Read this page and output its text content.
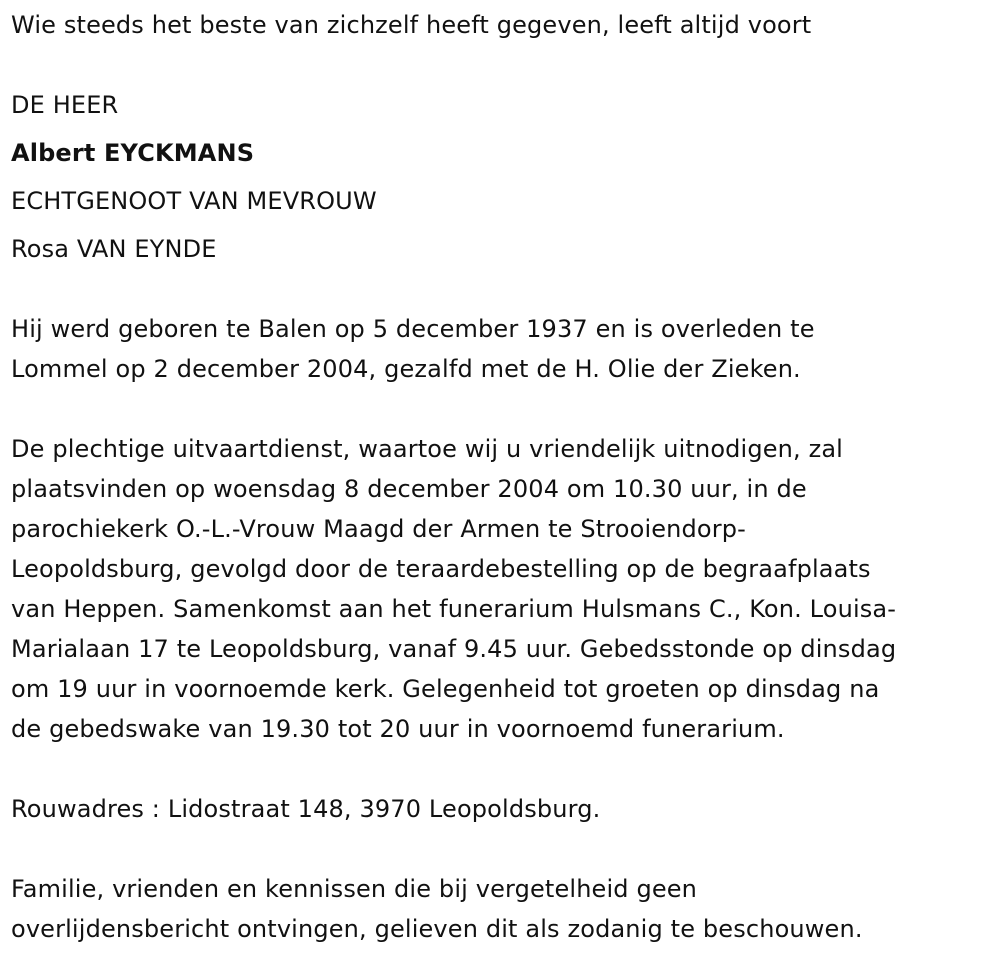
Wie steeds het beste van zichzelf heeft gegeven, leeft altijd voort
DE HEER
Albert EYCKMANS
ECHTGENOOT VAN MEVROUW
Rosa VAN EYNDE
Hij werd geboren te Balen op 5 december 1937 en is overleden te
Lommel op 2 december 2004, gezalfd met de H. Olie der Zieken.
De plechtige uitvaartdienst, waartoe wij u vriendelijk uitnodigen, zal
plaatsvinden op woensdag 8 december 2004 om 10.30 uur, in de
parochiekerk O.-L.-Vrouw Maagd der Armen te Strooiendorp-
Leopoldsburg, gevolgd door de teraardebestelling op de begraafplaats
van Heppen. Samenkomst aan het funerarium Hulsmans C., Kon. Louisa-
Marialaan 17 te Leopoldsburg, vanaf 9.45 uur. Gebedsstonde op dinsdag
om 19 uur in voornoemde kerk. Gelegenheid tot groeten op dinsdag na
de gebedswake van 19.30 tot 20 uur in voornoemd funerarium.
Rouwadres : Lidostraat 148, 3970 Leopoldsburg.
Familie, vrienden en kennissen die bij vergetelheid geen
overlijdensbericht ontvingen, gelieven dit als zodanig te beschouwen.
